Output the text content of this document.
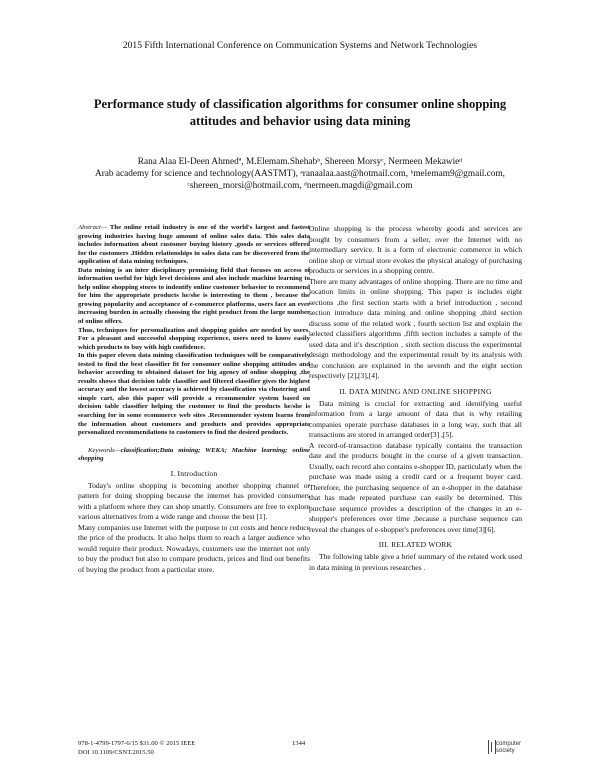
2015 Fifth International Conference on Communication Systems and Network Technologies
Performance study of classification algorithms for consumer online shopping
attitudes and behavior using data mining
Rana Alaa El-Deen Ahmedª, M.Elemam.Shehabᵇ, Shereen Morsyᶜ, Nermeen Mekawieᵈ
Arab academy for science and technology(AASTMT), ᵃranaalaa.aast@hotmail.com, ᵇmelemam9@gmail.com,
ᶜshereen_morsi@hotmail.com, ᵈnermeen.magdi@gmail.com

Abstract— The online retail industry is one of the world's largest and fastest growing industries having huge amount of online sales data. This sales data includes information about customer buying history ,goods or services offered for the customers .Hidden relationships in sales data can be discovered from the application of data mining techniques.

Data mining is an inter disciplinary promising field that focuses on access of information useful for high level decisions and also include machine learning to help online shopping stores to indentify online customer behavior to recommend for him the appropriate products he/she is interesting to them , because the growing popularity and acceptance of e-commerce platforms, users face an ever increasing burden in actually choosing the right product from the large number of online offers.

Thus, techniques for personalization and shopping guides are needed by users. For a pleasant and successful shopping experience, users need to know easily which products to buy with high confidence.

In this paper eleven data mining classification techniques will be comparatively tested to find the best classifier fit for consumer online shopping attitudes and behavior according to obtained dataset for big agency of online shopping ,the results shows that decision table classifier and filtered classifier gives the highest accuracy and the lowest accuracy is achieved by classification via clustering and simple cart, also this paper will provide a recommender system based on decision table classifier helping the customer to find the products he/she is searching for in some ecommerce web sites .Recommender system learns from the information about customers and products and provides appropriate personalized recommendations to customers to find the desired products.

Keywords—classification;Data mining; WEKA; Machine learning; online shopping

I. Introduction

Today's online shopping is becoming another shopping channel or pattern for doing shopping because the internet has provided consumers with a platform where they can shop smartly. Consumers are free to explore various alternatives from a wide range and choose the best [1].

Many companies use Internet with the purpose to cut costs and hence reduce the price of the products. It also helps them to reach a larger audience who would require their product. Nowadays, customers use the internet not only to buy the product but also to compare products, prices and find out benefits of buying the product from a particular store.

Online shopping is the process whereby goods and services are bought by consumers from a seller, over the Internet with no intermediary service. It is a form of electronic commerce in which online shop or virtual store evokes the physical analogy of purchasing products or services in a shopping centre.

There are many advantages of online shopping. There are no time and location limits in online shopping. This paper is includes eight sections ,the first section starts with a brief introduction , second section introduce data mining and online shopping ,third section discuss some of the related work , fourth section list and explain the selected classifiers algorithms ,fifth section includes a sample of the used data and it's description , sixth section discuss the experimental design methodology and the experimental result by its analysis with the conclusion are explained in the seventh and the eight section respectively [2],[3],[4].

II. DATA MINING AND ONLINE SHOPPING

Data mining is crucial for extracting and identifying useful information from a large amount of data that is why retailing companies operate purchase databases in a long way, such that all transactions are stored in arranged order[3] ,[5].

A record-of-transaction database typically contains the transaction date and the products bought in the course of a given transaction. Usually, each record also contains e-shopper ID, particularly when the purchase was made using a credit card or a frequent buyer card. Therefore, the purchasing sequence of an e-shopper in the database that has made repeated purchase can easily be determined. This purchase sequence provides a description of the changes in an e-shopper's preferences over time ,because a purchase sequence can reveal the changes of e-shopper's preferences over time[3][6].

III. RELATED WORK

The following table give a brief summary of the related work used in data mining in previous researches .

978-1-4799-1797-6/15 $31.00 © 2015 IEEE
DOI 10.1109/CSNT.2015.50
1344	computer
society
